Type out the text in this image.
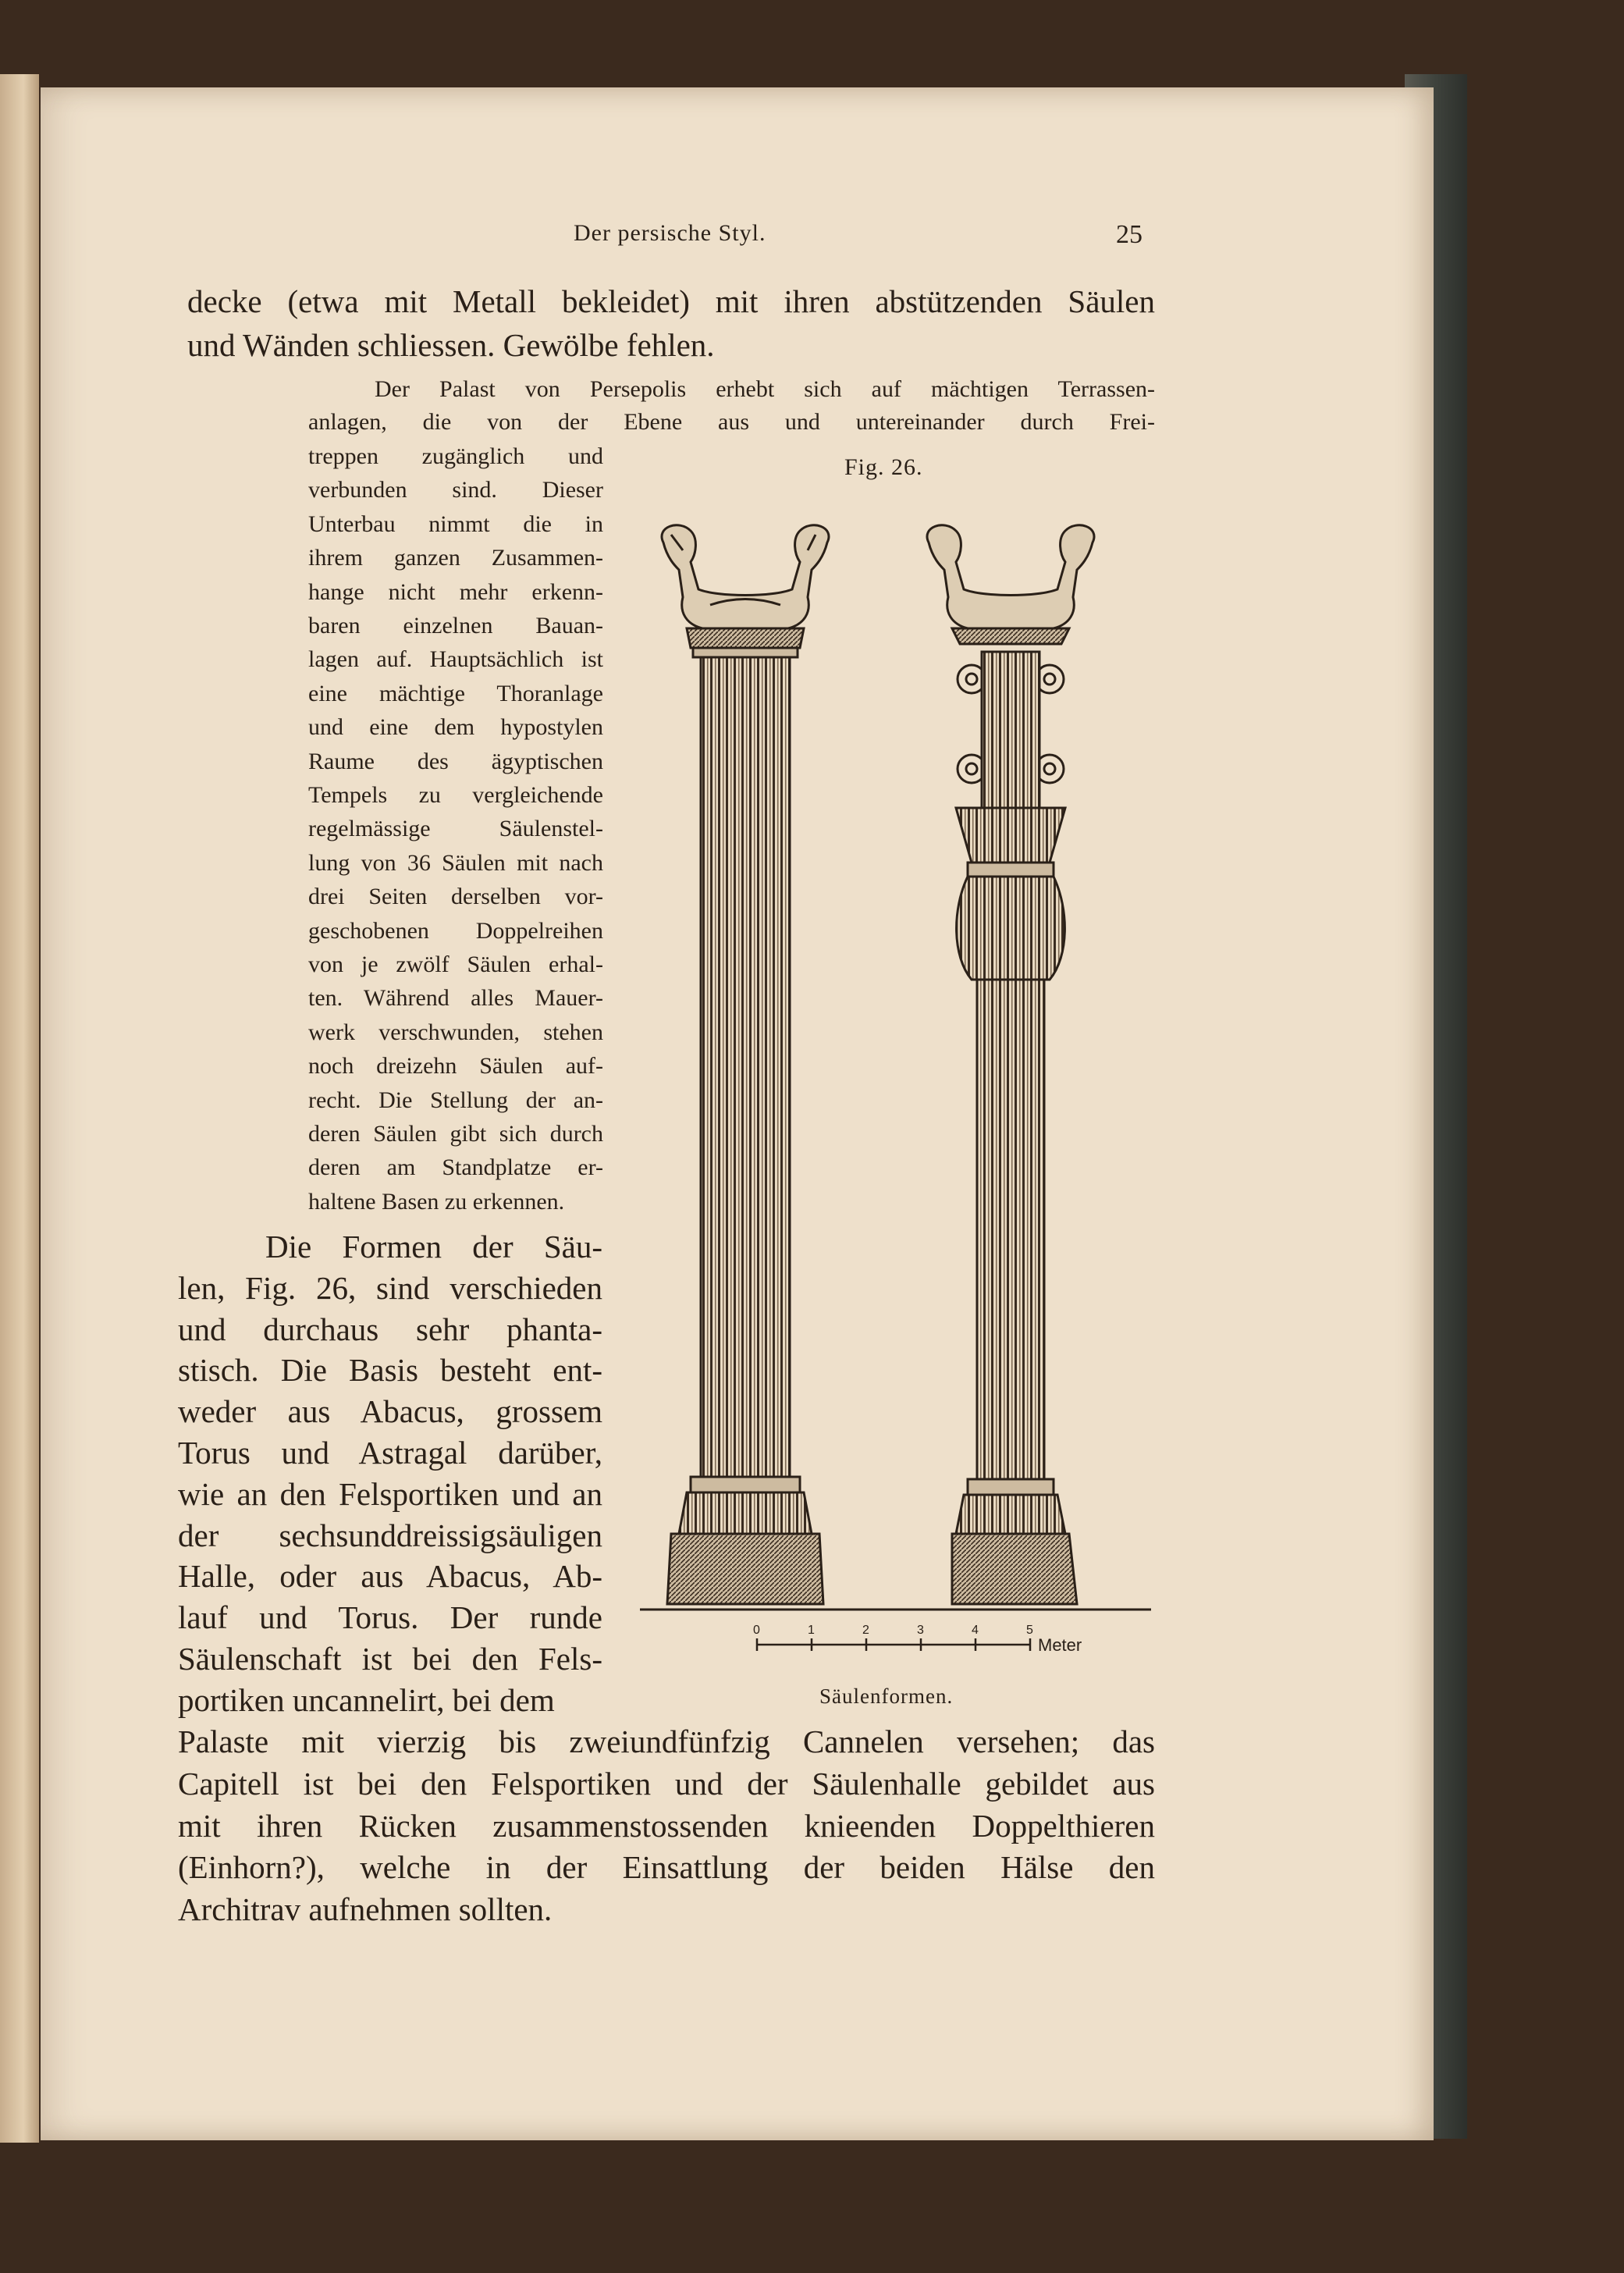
Der persische Styl.	25
decke (etwa mit Metall bekleidet) mit ihren abstützenden Säulen
und Wänden schliessen. Gewölbe fehlen.
Der Palast von Persepolis erhebt sich auf mächtigen Terrassen-
anlagen, die von der Ebene aus und untereinander durch Frei-
Fig. 26.
treppen zugänglich und
verbunden sind. Dieser
Unterbau nimmt die in
ihrem ganzen Zusammen-
hange nicht mehr erkenn-
baren einzelnen Bauan-
lagen auf. Hauptsächlich ist
eine mächtige Thoranlage
und eine dem hypostylen
Raume des ägyptischen
Tempels zu vergleichende
regelmässige Säulenstel-
lung von 36 Säulen mit nach
drei Seiten derselben vor-
geschobenen Doppelreihen
von je zwölf Säulen erhal-
ten. Während alles Mauer-
werk verschwunden, stehen
noch dreizehn Säulen auf-
recht. Die Stellung der an-
deren Säulen gibt sich durch
deren am Standplatze er-
haltene Basen zu erkennen.
Die Formen der Säu-
len, Fig. 26, sind verschieden
und durchaus sehr phanta-
stisch. Die Basis besteht ent-
weder aus Abacus, grossem
Torus und Astragal darüber,
wie an den Felsportiken und an
der sechsunddreissigsäuligen
Halle, oder aus Abacus, Ab-
lauf und Torus. Der runde
Säulenschaft ist bei den Fels-
portiken uncannelirt, bei dem
Palaste mit vierzig bis zweiundfünfzig Cannelen versehen; das
Capitell ist bei den Felsportiken und der Säulenhalle gebildet aus
mit ihren Rücken zusammenstossenden knieenden Doppelthieren
(Einhorn?), welche in der Einsattlung der beiden Hälse den
Architrav aufnehmen sollten.
0	1	2	3	4	5
Meter
Säulenformen.
